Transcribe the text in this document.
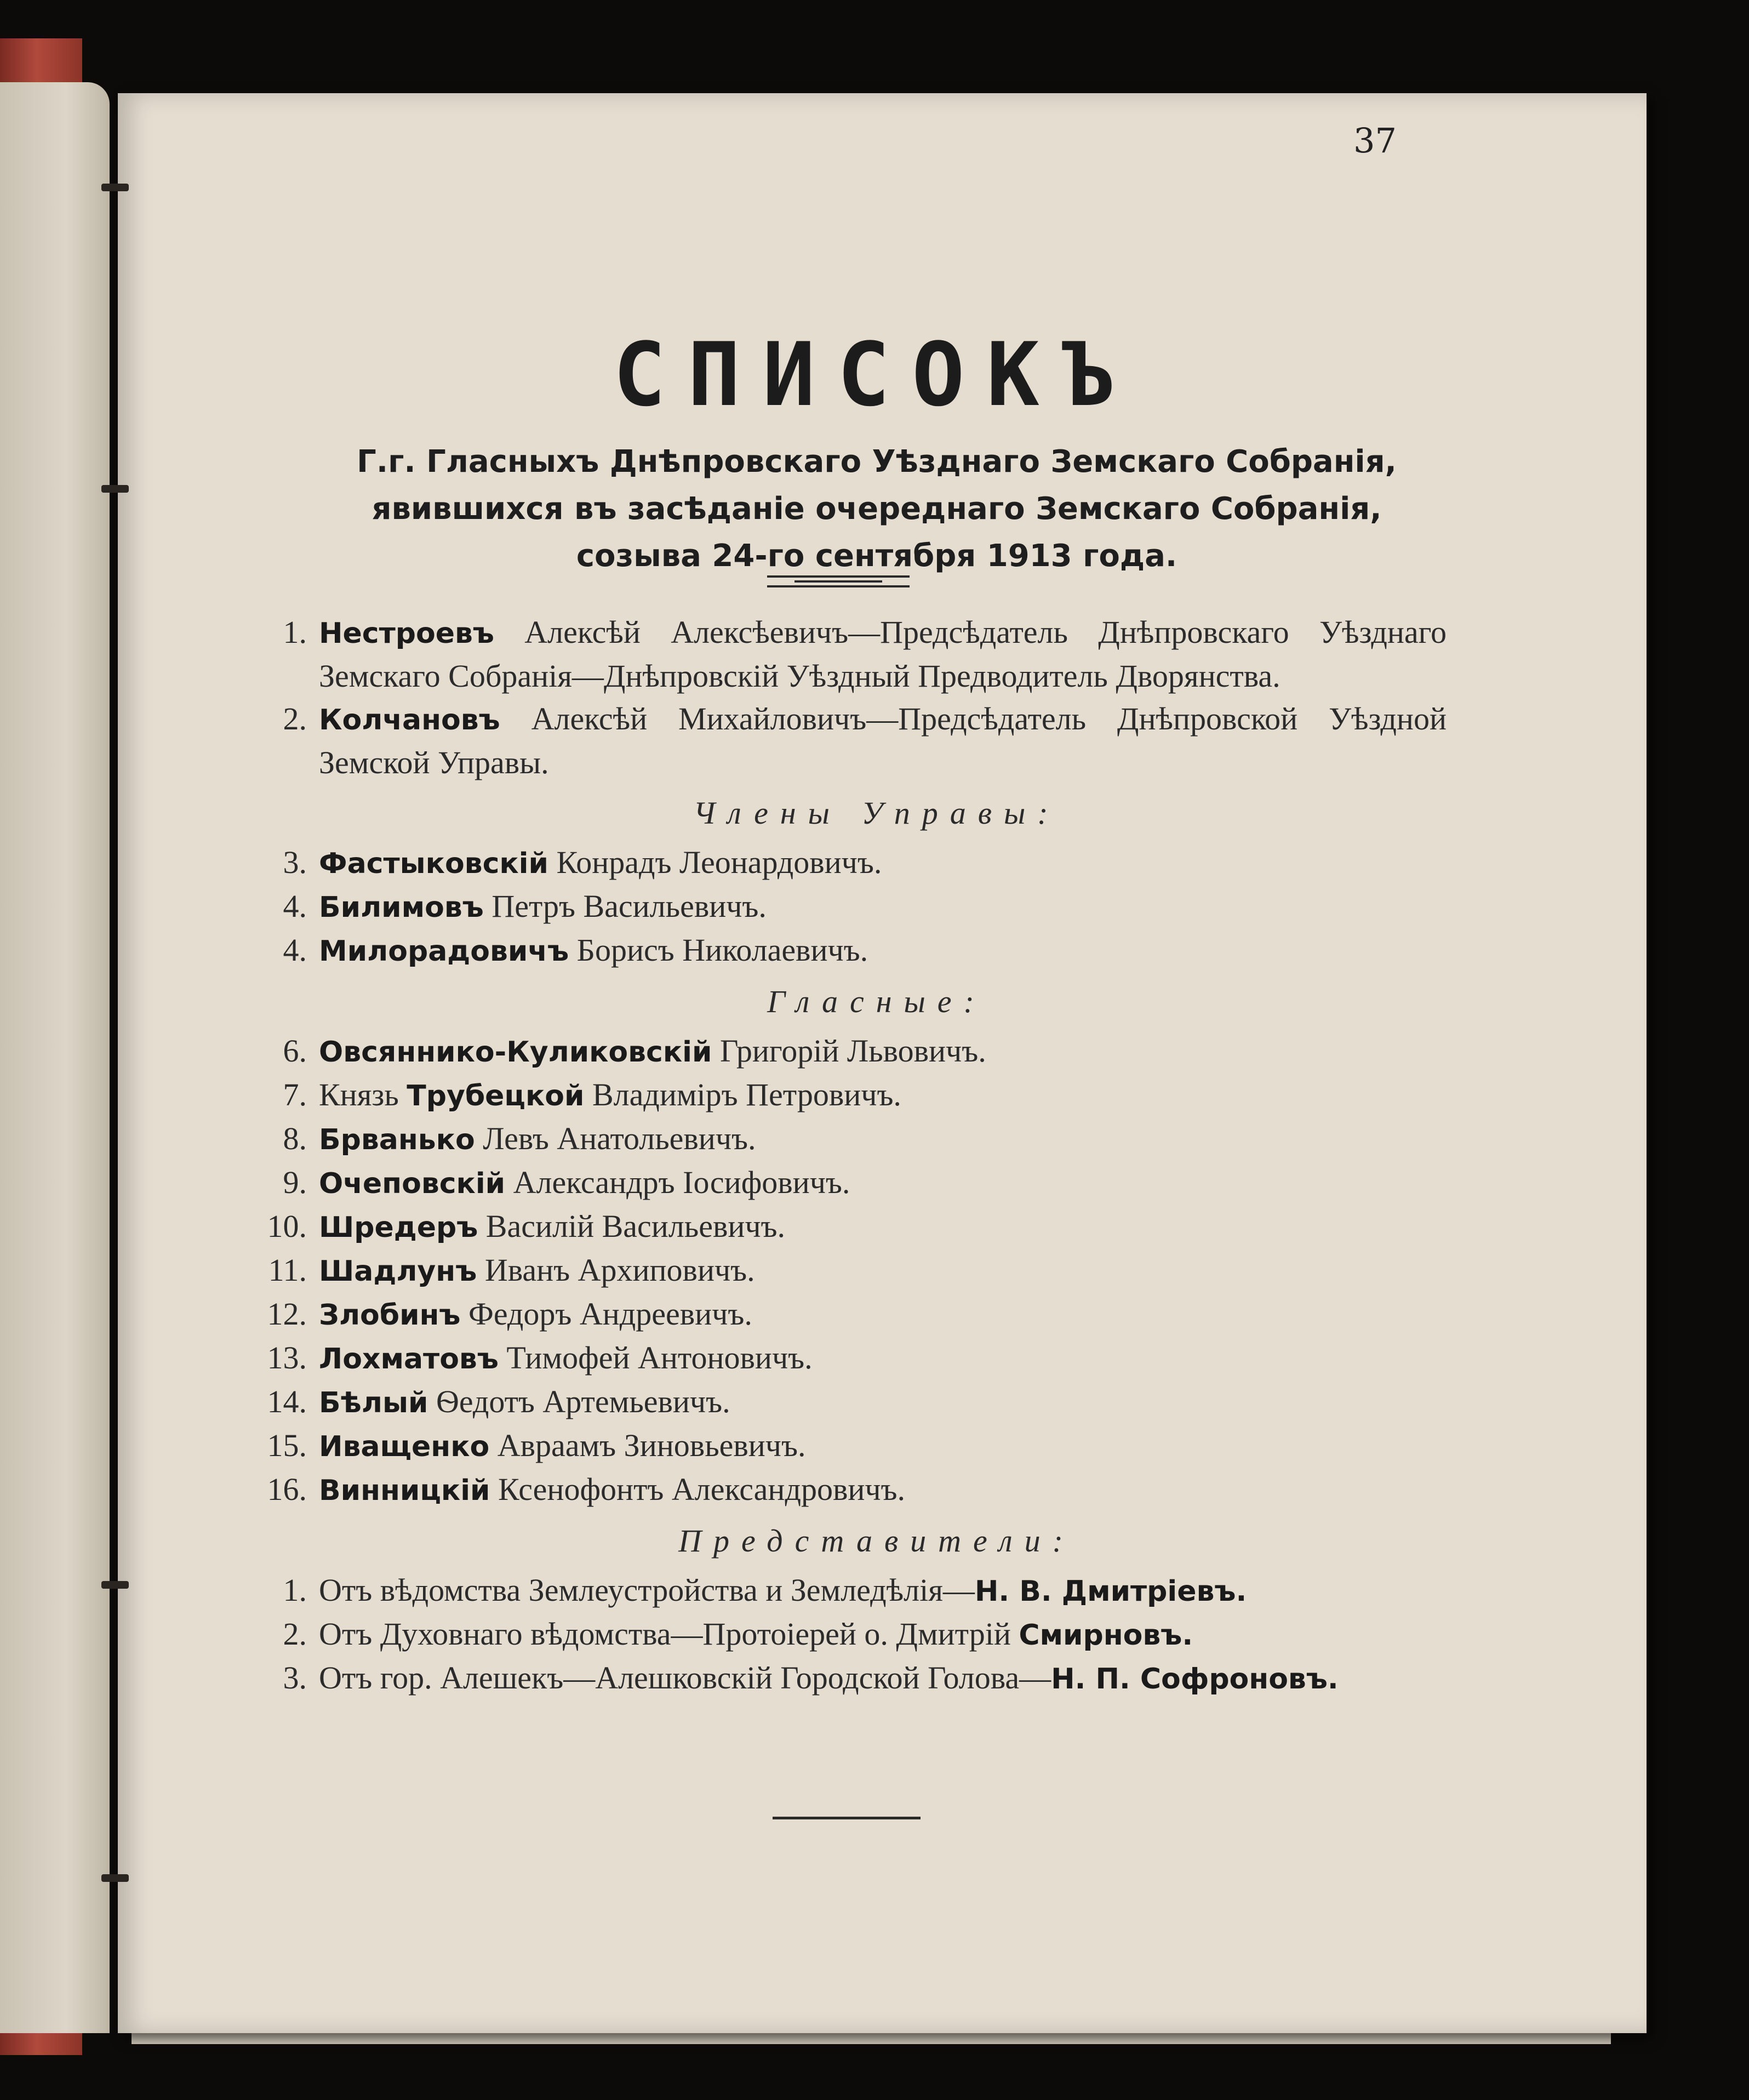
37
СПИСОКЪ
Г.г. Гласныхъ Днѣпровскаго Уѣзднаго Земскаго Собранія,
явившихся въ засѣданіе очереднаго Земскаго Собранія,
созыва 24-го сентября 1913 года.
1. Нестроевъ Алексѣй Алексѣевичъ—Предсѣдатель Днѣпровскаго Уѣзднаго Земскаго Собранія—Днѣпровскій Уѣздный Предводитель Дворянства.
2. Колчановъ Алексѣй Михайловичъ—Предсѣдатель Днѣпровской Уѣздной Земской Управы.
Члены Управы:
3. Фастыковскій Конрадъ Леонардовичъ.
4. Билимовъ Петръ Васильевичъ.
4. Милорадовичъ Борисъ Николаевичъ.
Гласные:
6. Овсяннико-Куликовскій Григорій Львовичъ.
7. Князь Трубецкой Владиміръ Петровичъ.
8. Брванько Левъ Анатольевичъ.
9. Очеповскій Александръ Іосифовичъ.
10. Шредеръ Василій Васильевичъ.
11. Шадлунъ Иванъ Архиповичъ.
12. Злобинъ Федоръ Андреевичъ.
13. Лохматовъ Тимофей Антоновичъ.
14. Бѣлый Ѳедотъ Артемьевичъ.
15. Иващенко Авраамъ Зиновьевичъ.
16. Винницкій Ксенофонтъ Александровичъ.
Представители:
1. Отъ вѣдомства Землеустройства и Земледѣлія—Н. В. Дмитріевъ.
2. Отъ Духовнаго вѣдомства—Протоіерей о. Дмитрій Смирновъ.
3. Отъ гор. Алешекъ—Алешковскій Городской Голова—Н. П. Софроновъ.
